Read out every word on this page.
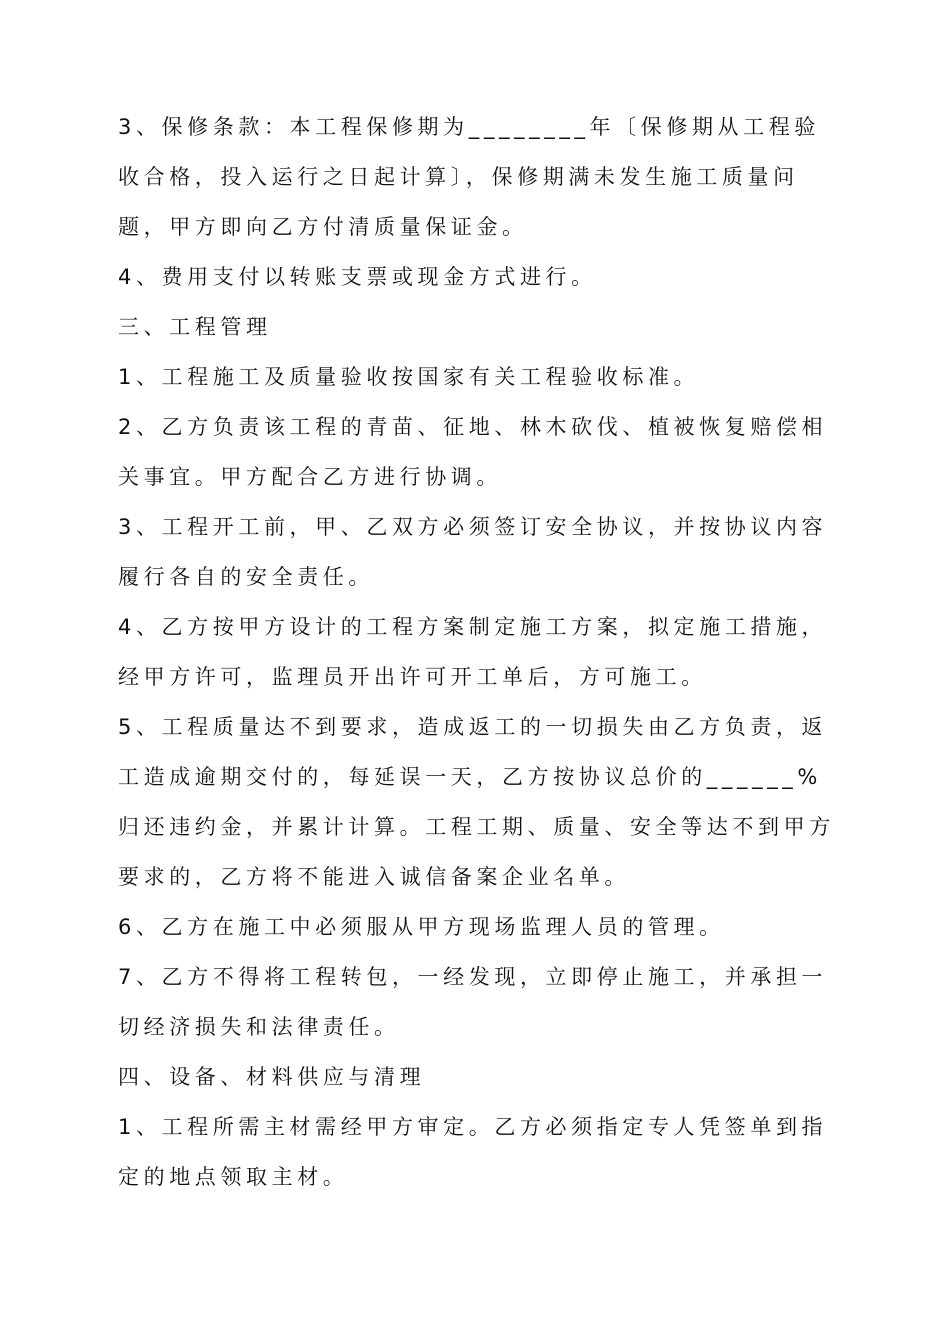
3、保修条款：本工程保修期为________年〔保修期从工程验收合格，投入运行之日起计算〕，保修期满未发生施工质量问题，甲方即向乙方付清质量保证金。

4、费用支付以转账支票或现金方式进行。

三、工程管理

1、工程施工及质量验收按国家有关工程验收标准。

2、乙方负责该工程的青苗、征地、林木砍伐、植被恢复赔偿相关事宜。甲方配合乙方进行协调。

3、工程开工前，甲、乙双方必须签订安全协议，并按协议内容履行各自的安全责任。

4、乙方按甲方设计的工程方案制定施工方案，拟定施工措施，经甲方许可，监理员开出许可开工单后，方可施工。

5、工程质量达不到要求，造成返工的一切损失由乙方负责，返工造成逾期交付的，每延误一天，乙方按协议总价的______%归还违约金，并累计计算。工程工期、质量、安全等达不到甲方要求的，乙方将不能进入诚信备案企业名单。

6、乙方在施工中必须服从甲方现场监理人员的管理。

7、乙方不得将工程转包，一经发现，立即停止施工，并承担一切经济损失和法律责任。

四、设备、材料供应与清理

1、工程所需主材需经甲方审定。乙方必须指定专人凭签单到指定的地点领取主材。
